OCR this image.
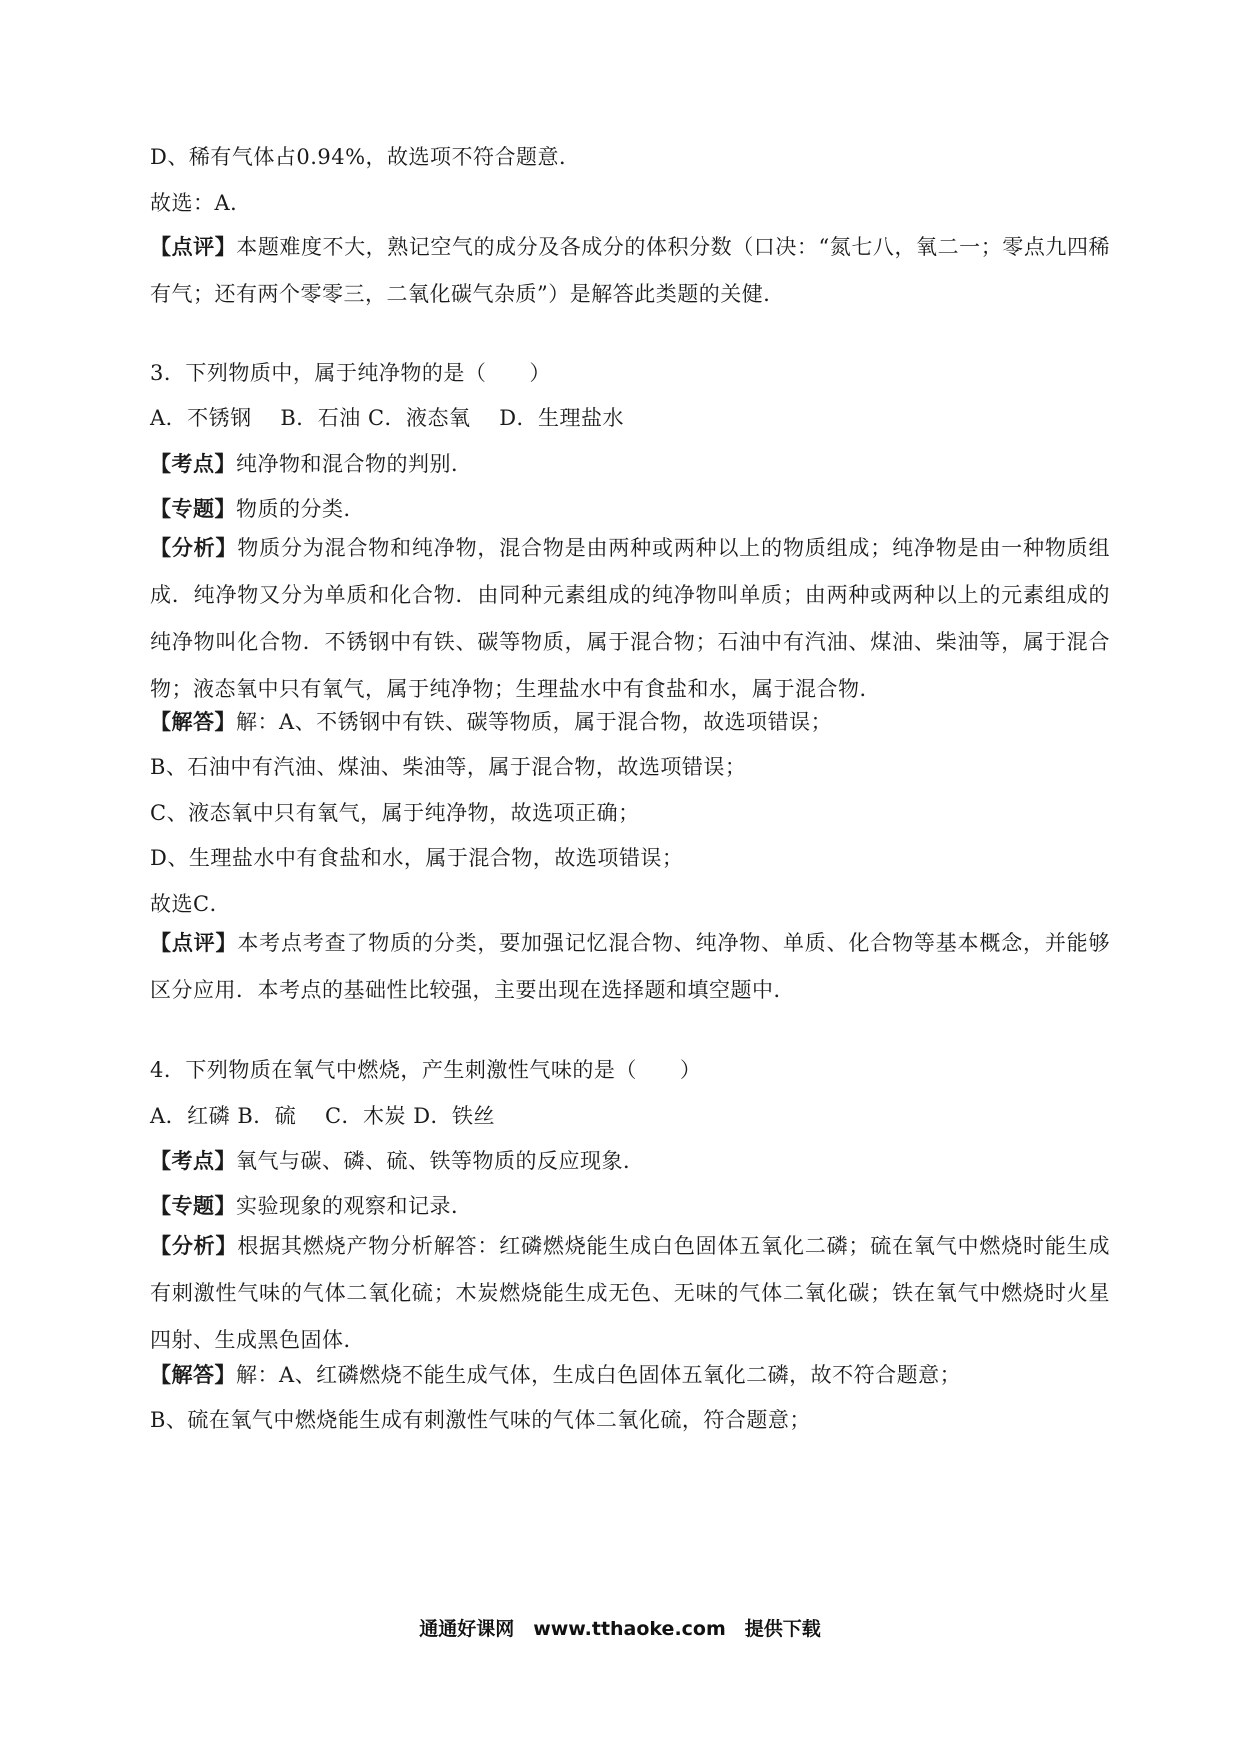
D、稀有气体占0.94%，故选项不符合题意．
故选：A．
【点评】本题难度不大，熟记空气的成分及各成分的体积分数（口决：“氮七八，氧二一；零点九四稀有气；还有两个零零三，二氧化碳气杂质”）是解答此类题的关健．
3．下列物质中，属于纯净物的是（　　）
A．不锈钢　 B．石油 C．液态氧　 D．生理盐水
【考点】纯净物和混合物的判别．
【专题】物质的分类．
【分析】物质分为混合物和纯净物，混合物是由两种或两种以上的物质组成；纯净物是由一种物质组成．纯净物又分为单质和化合物．由同种元素组成的纯净物叫单质；由两种或两种以上的元素组成的纯净物叫化合物．不锈钢中有铁、碳等物质，属于混合物；石油中有汽油、煤油、柴油等，属于混合物；液态氧中只有氧气，属于纯净物；生理盐水中有食盐和水，属于混合物．
【解答】解：A、不锈钢中有铁、碳等物质，属于混合物，故选项错误；
B、石油中有汽油、煤油、柴油等，属于混合物，故选项错误；
C、液态氧中只有氧气，属于纯净物，故选项正确；
D、生理盐水中有食盐和水，属于混合物，故选项错误；
故选C．
【点评】本考点考查了物质的分类，要加强记忆混合物、纯净物、单质、化合物等基本概念，并能够区分应用．本考点的基础性比较强，主要出现在选择题和填空题中．
4．下列物质在氧气中燃烧，产生刺激性气味的是（　　）
A．红磷 B．硫　 C．木炭 D．铁丝
【考点】氧气与碳、磷、硫、铁等物质的反应现象．
【专题】实验现象的观察和记录．
【分析】根据其燃烧产物分析解答：红磷燃烧能生成白色固体五氧化二磷；硫在氧气中燃烧时能生成有刺激性气味的气体二氧化硫；木炭燃烧能生成无色、无味的气体二氧化碳；铁在氧气中燃烧时火星四射、生成黑色固体．
【解答】解：A、红磷燃烧不能生成气体，生成白色固体五氧化二磷，故不符合题意；
B、硫在氧气中燃烧能生成有刺激性气味的气体二氧化硫，符合题意；
通通好课网　www.tthaoke.com　提供下载
